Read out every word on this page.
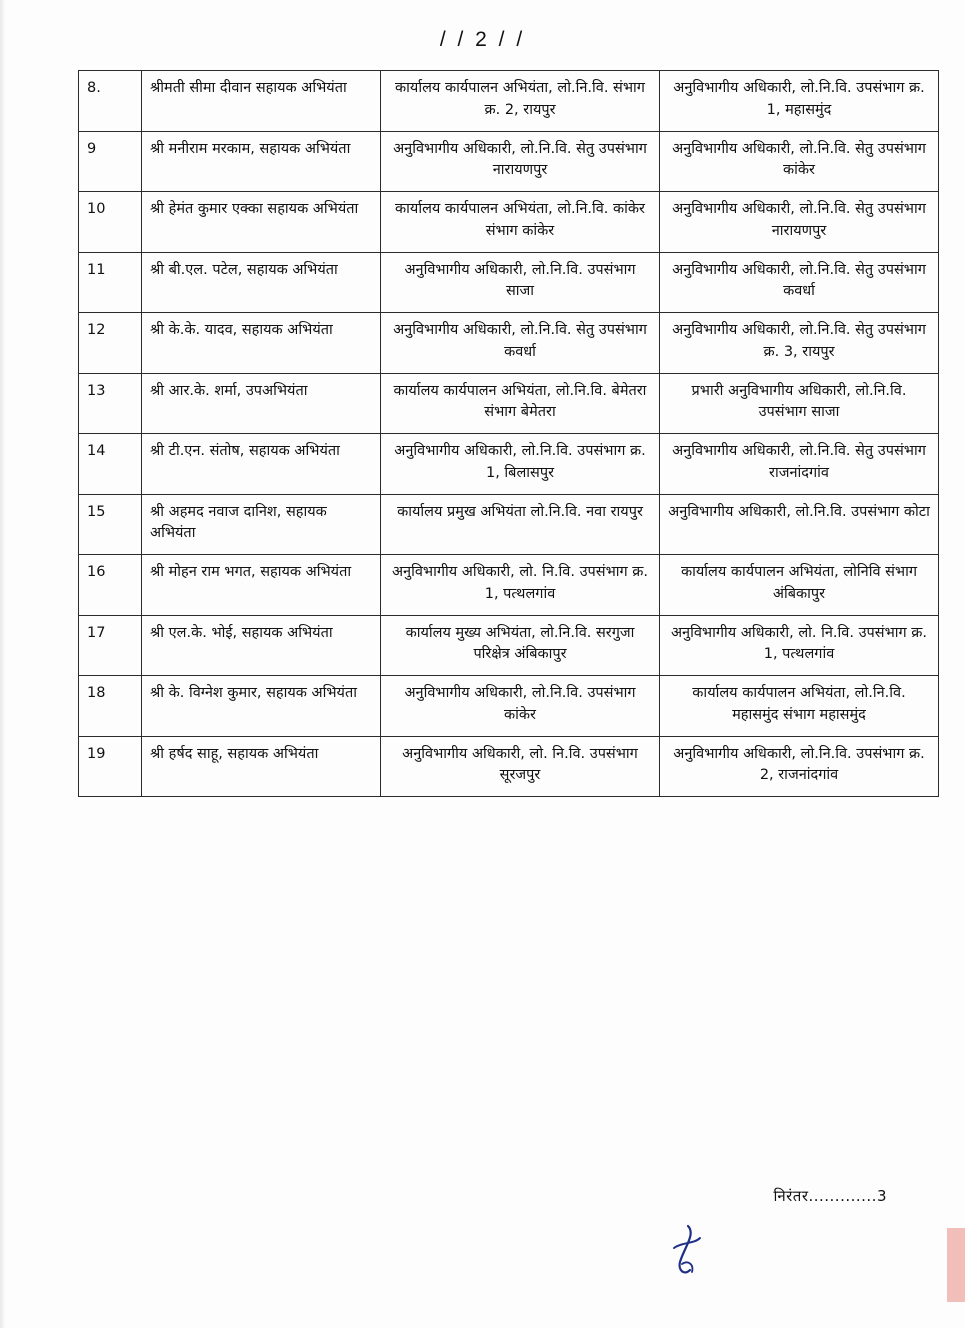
/ / 2 / /
8.	श्रीमती सीमा दीवान सहायक अभियंता	कार्यालय कार्यपालन अभियंता, लो.नि.वि. संभाग क्र. 2, रायपुर	अनुविभागीय अधिकारी, लो.नि.वि. उपसंभाग क्र. 1, महासमुंद
9	श्री मनीराम मरकाम, सहायक अभियंता	अनुविभागीय अधिकारी, लो.नि.वि. सेतु उपसंभाग नारायणपुर	अनुविभागीय अधिकारी, लो.नि.वि. सेतु उपसंभाग कांकेर
10	श्री हेमंत कुमार एक्का सहायक अभियंता	कार्यालय कार्यपालन अभियंता, लो.नि.वि. कांकेर संभाग कांकेर	अनुविभागीय अधिकारी, लो.नि.वि. सेतु उपसंभाग नारायणपुर
11	श्री बी.एल. पटेल, सहायक अभियंता	अनुविभागीय अधिकारी, लो.नि.वि. उपसंभाग साजा	अनुविभागीय अधिकारी, लो.नि.वि. सेतु उपसंभाग कवर्धा
12	श्री के.के. यादव, सहायक अभियंता	अनुविभागीय अधिकारी, लो.नि.वि. सेतु उपसंभाग कवर्धा	अनुविभागीय अधिकारी, लो.नि.वि. सेतु उपसंभाग क्र. 3, रायपुर
13	श्री आर.के. शर्मा, उपअभियंता	कार्यालय कार्यपालन अभियंता, लो.नि.वि. बेमेतरा संभाग बेमेतरा	प्रभारी अनुविभागीय अधिकारी, लो.नि.वि. उपसंभाग साजा
14	श्री टी.एन. संतोष, सहायक अभियंता	अनुविभागीय अधिकारी, लो.नि.वि. उपसंभाग क्र. 1, बिलासपुर	अनुविभागीय अधिकारी, लो.नि.वि. सेतु उपसंभाग राजनांदगांव
15	श्री अहमद नवाज दानिश, सहायक अभियंता	कार्यालय प्रमुख अभियंता लो.नि.वि. नवा रायपुर	अनुविभागीय अधिकारी, लो.नि.वि. उपसंभाग कोटा
16	श्री मोहन राम भगत, सहायक अभियंता	अनुविभागीय अधिकारी, लो. नि.वि. उपसंभाग क्र. 1, पत्थलगांव	कार्यालय कार्यपालन अभियंता, लोनिवि संभाग अंबिकापुर
17	श्री एल.के. भोई, सहायक अभियंता	कार्यालय मुख्य अभियंता, लो.नि.वि. सरगुजा परिक्षेत्र अंबिकापुर	अनुविभागीय अधिकारी, लो. नि.वि. उपसंभाग क्र. 1, पत्थलगांव
18	श्री के. विग्नेश कुमार, सहायक अभियंता	अनुविभागीय अधिकारी, लो.नि.वि. उपसंभाग कांकेर	कार्यालय कार्यपालन अभियंता, लो.नि.वि. महासमुंद संभाग महासमुंद
19	श्री हर्षद साहू, सहायक अभियंता	अनुविभागीय अधिकारी, लो. नि.वि. उपसंभाग सूरजपुर	अनुविभागीय अधिकारी, लो.नि.वि. उपसंभाग क्र. 2, राजनांदगांव
निरंतर.............3
